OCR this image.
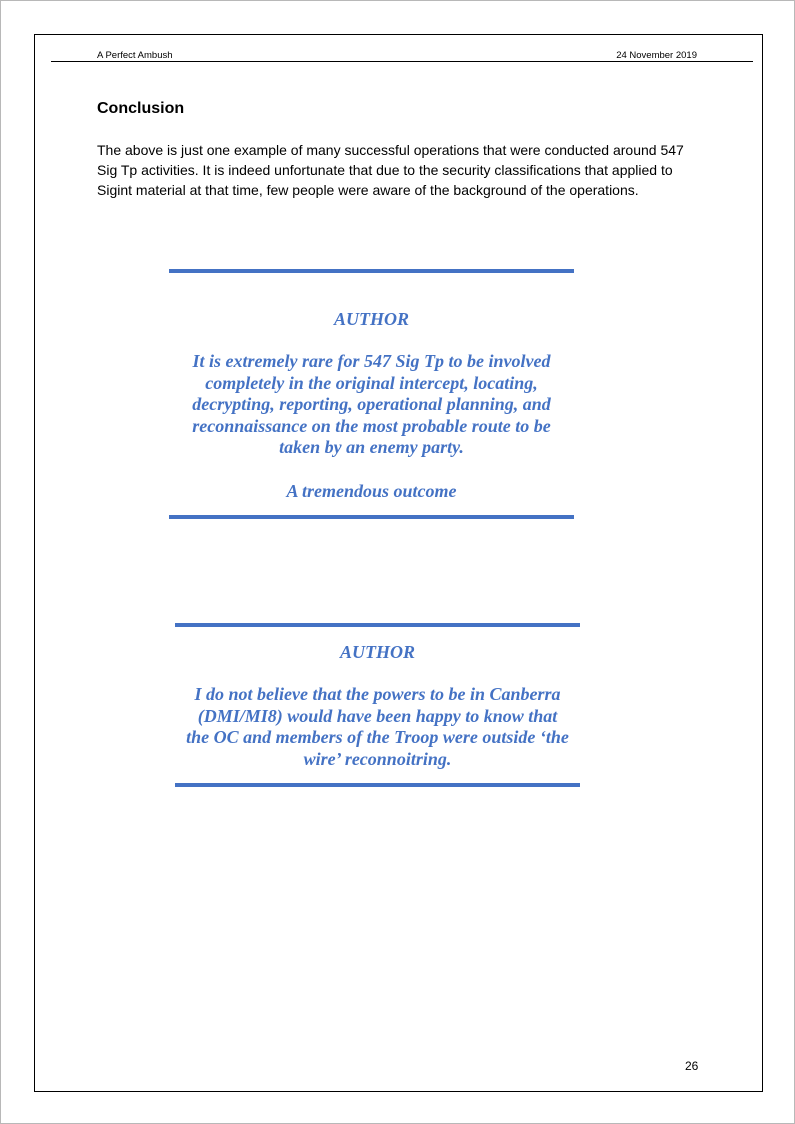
A Perfect Ambush	24 November 2019
Conclusion
The above is just one example of many successful operations that were conducted around 547 Sig Tp activities. It is indeed unfortunate that due to the security classifications that applied to Sigint material at that time, few people were aware of the background of the operations.
AUTHOR
It is extremely rare for 547 Sig Tp to be involved
completely in the original intercept, locating,
decrypting, reporting, operational planning, and
reconnaissance on the most probable route to be
taken by an enemy party.
A tremendous outcome
AUTHOR
I do not believe that the powers to be in Canberra
(DMI/MI8) would have been happy to know that
the OC and members of the Troop were outside ‘the
wire’ reconnoitring.
26
